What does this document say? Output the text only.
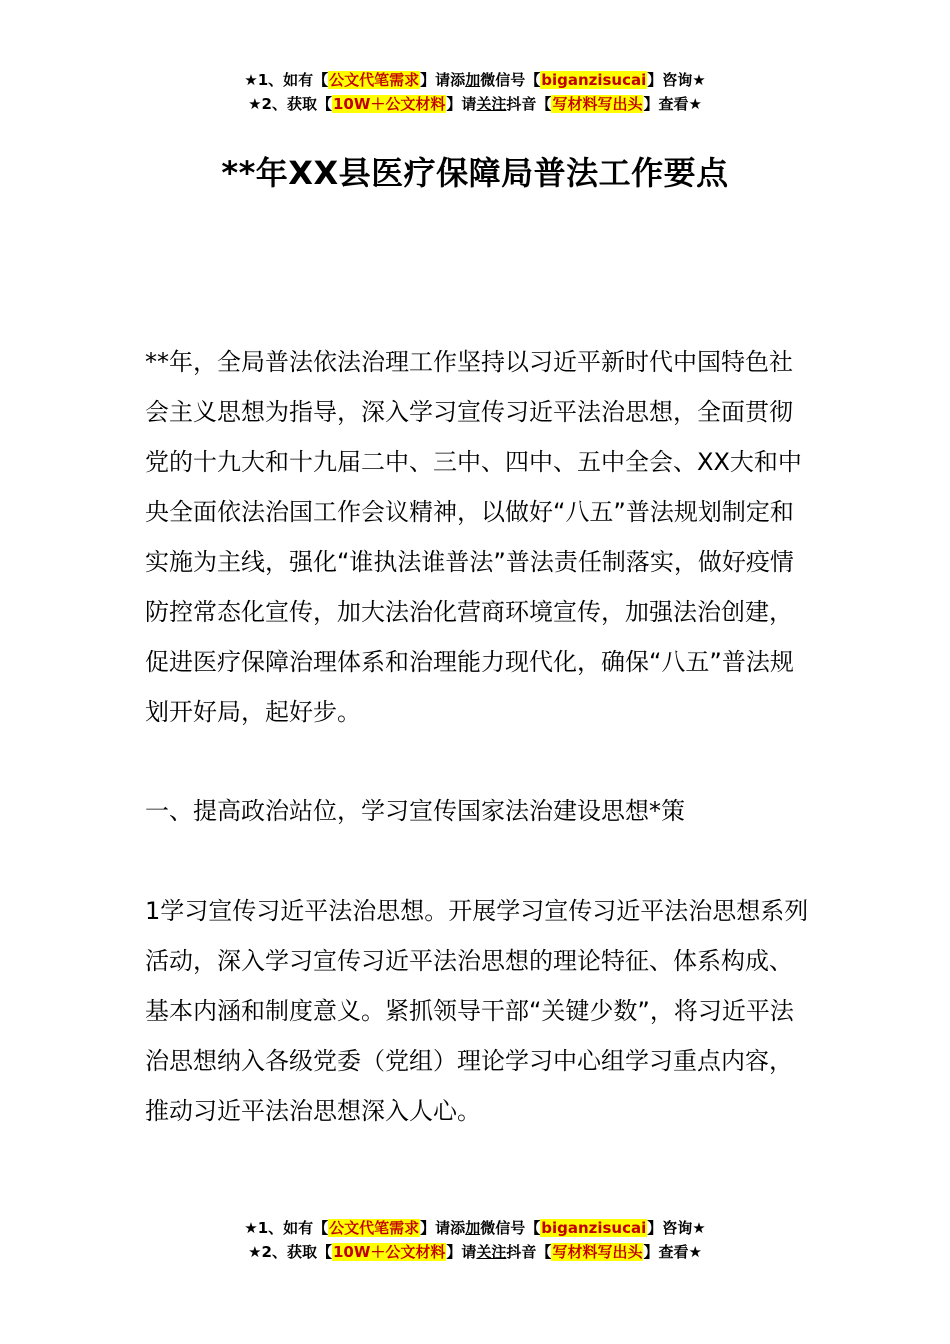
★1、如有【公文代笔需求】请添加微信号【biganzisucai】咨询★
★2、获取【10W＋公文材料】请关注抖音【写材料写出头】查看★
**年XX县医疗保障局普法工作要点

**年，全局普法依法治理工作坚持以习近平新时代中国特色社会主义思想为指导，深入学习宣传习近平法治思想，全面贯彻党的十九大和十九届二中、三中、四中、五中全会、XX大和中央全面依法治国工作会议精神，以做好“八五”普法规划制定和实施为主线，强化“谁执法谁普法”普法责任制落实，做好疫情防控常态化宣传，加大法治化营商环境宣传，加强法治创建，促进医疗保障治理体系和治理能力现代化，确保“八五”普法规划开好局，起好步。

一、提高政治站位，学习宣传国家法治建设思想*策

1学习宣传习近平法治思想。开展学习宣传习近平法治思想系列活动，深入学习宣传习近平法治思想的理论特征、体系构成、基本内涵和制度意义。紧抓领导干部“关键少数”，将习近平法治思想纳入各级党委（党组）理论学习中心组学习重点内容，推动习近平法治思想深入人心。

★1、如有【公文代笔需求】请添加微信号【biganzisucai】咨询★
★2、获取【10W＋公文材料】请关注抖音【写材料写出头】查看★
